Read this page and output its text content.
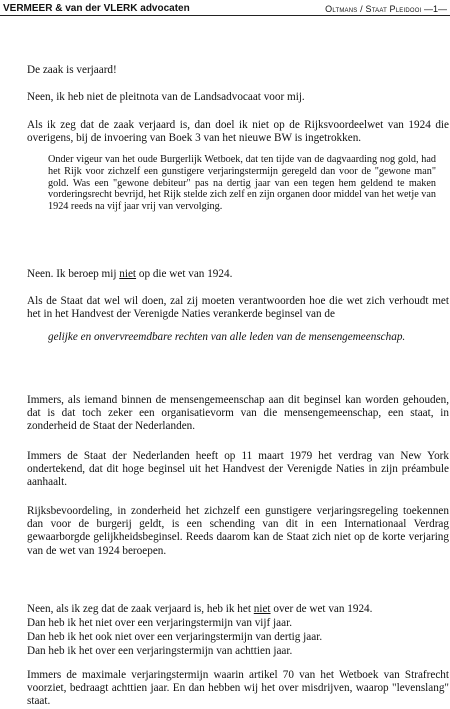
VERMEER & van der VLERK advocaten	Oltmans / Staat Pleidooi —1—

De zaak is verjaard!

Neen, ik heb niet de pleitnota van de Landsadvocaat voor mij.

Als ik zeg dat de zaak verjaard is, dan doel ik niet op de Rijksvoordeelwet van 1924 die overigens, bij de invoering van Boek 3 van het nieuwe BW is ingetrokken.

Onder vigeur van het oude Burgerlijk Wetboek, dat ten tijde van de dagvaarding nog gold, had het Rijk voor zichzelf een gunstigere verjaringstermijn geregeld dan voor de "gewone man" gold. Was een "gewone debiteur" pas na dertig jaar van een tegen hem geldend te maken vorderingsrecht bevrijd, het Rijk stelde zich zelf en zijn organen door middel van het wetje van 1924 reeds na vijf jaar vrij van vervolging.

Neen. Ik beroep mij niet op die wet van 1924.

Als de Staat dat wel wil doen, zal zij moeten verantwoorden hoe die wet zich verhoudt met het in het Handvest der Verenigde Naties verankerde beginsel van de

gelijke en onvervreemdbare rechten van alle leden van de mensengemeenschap.

Immers, als iemand binnen de mensengemeenschap aan dit beginsel kan worden gehouden, dat is dat toch zeker een organisatievorm van die mensengemeenschap, een staat, in zonderheid de Staat der Nederlanden.

Immers de Staat der Nederlanden heeft op 11 maart 1979 het verdrag van New York ondertekend, dat dit hoge beginsel uit het Handvest der Verenigde Naties in zijn préambule aanhaalt.

Rijksbevoordeling, in zonderheid het zichzelf een gunstigere verjaringsregeling toekennen dan voor de burgerij geldt, is een schending van dit in een Internationaal Verdrag gewaarborgde gelijkheidsbeginsel. Reeds daarom kan de Staat zich niet op de korte verjaring van de wet van 1924 beroepen.

Neen, als ik zeg dat de zaak verjaard is, heb ik het niet over de wet van 1924.

Dan heb ik het niet over een verjaringstermijn van vijf jaar.

Dan heb ik het ook niet over een verjaringstermijn van dertig jaar.

Dan heb ik het over een verjaringstermijn van achttien jaar.

Immers de maximale verjaringstermijn waarin artikel 70 van het Wetboek van Strafrecht voorziet, bedraagt achttien jaar. En dan hebben wij het over misdrijven, waarop "levenslang" staat.
